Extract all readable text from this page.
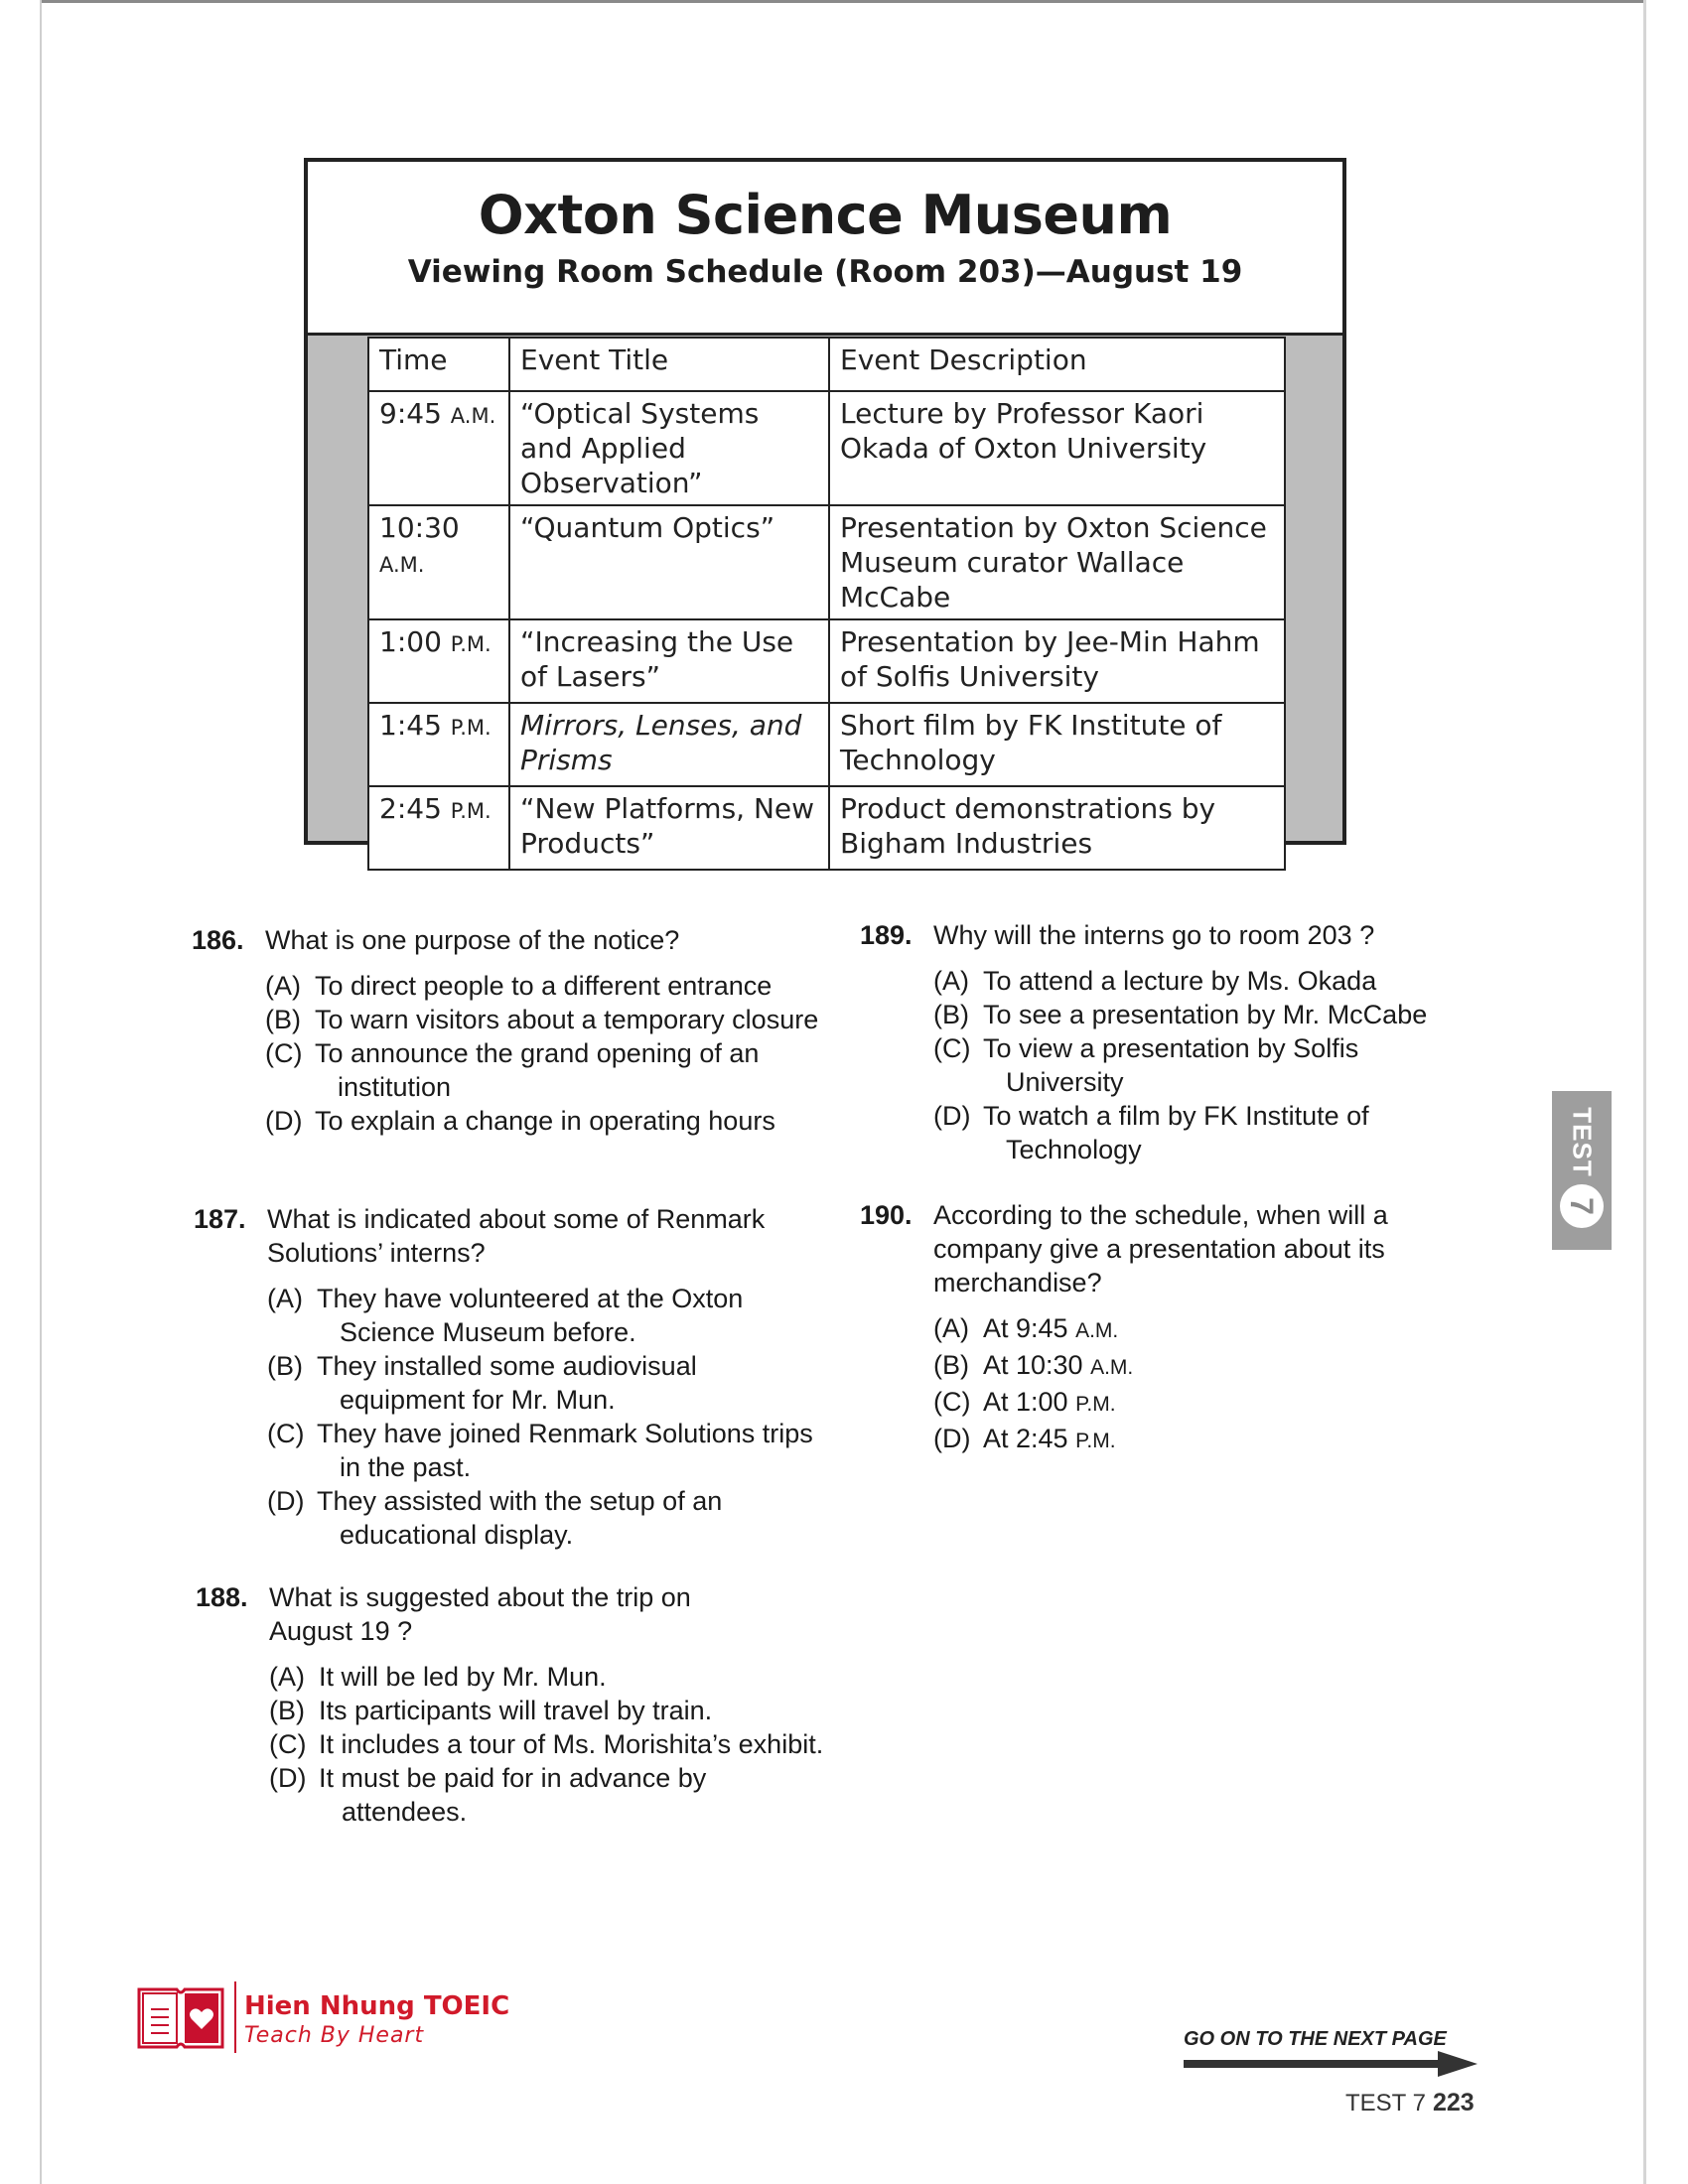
Oxton Science Museum
Viewing Room Schedule (Room 203)—August 19
Time	Event Title	Event Description
9:45 A.M.	“Optical Systems and Applied Observation”	Lecture by Professor Kaori Okada of Oxton University
10:30 A.M.	“Quantum Optics”	Presentation by Oxton Science Museum curator Wallace McCabe
1:00 P.M.	“Increasing the Use of Lasers”	Presentation by Jee-Min Hahm of Solfis University
1:45 P.M.	Mirrors, Lenses, and Prisms	Short film by FK Institute of Technology
2:45 P.M.	“New Platforms, New Products”	Product demonstrations by Bigham Industries
186. What is one purpose of the notice?
(A) To direct people to a different entrance
(B) To warn visitors about a temporary closure
(C) To announce the grand opening of an institution
(D) To explain a change in operating hours
187. What is indicated about some of Renmark Solutions’ interns?
(A) They have volunteered at the Oxton Science Museum before.
(B) They installed some audiovisual equipment for Mr. Mun.
(C) They have joined Renmark Solutions trips in the past.
(D) They assisted with the setup of an educational display.
188. What is suggested about the trip on August 19 ?
(A) It will be led by Mr. Mun.
(B) Its participants will travel by train.
(C) It includes a tour of Ms. Morishita’s exhibit.
(D) It must be paid for in advance by attendees.
189. Why will the interns go to room 203 ?
(A) To attend a lecture by Ms. Okada
(B) To see a presentation by Mr. McCabe
(C) To view a presentation by Solfis University
(D) To watch a film by FK Institute of Technology
190. According to the schedule, when will a company give a presentation about its merchandise?
(A) At 9:45 A.M.
(B) At 10:30 A.M.
(C) At 1:00 P.M.
(D) At 2:45 P.M.
TEST
7
Hien Nhung TOEIC
Teach By Heart	GO ON TO THE NEXT PAGE
TEST 7 223
